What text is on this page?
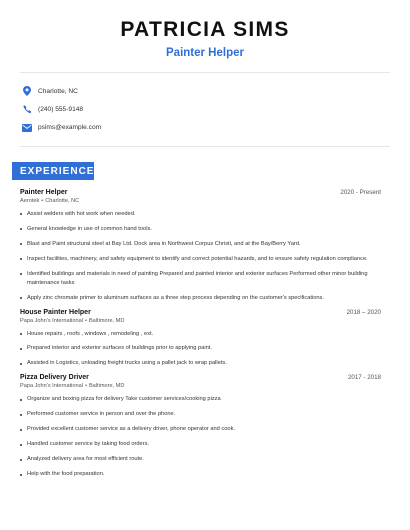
PATRICIA SIMS
Painter Helper
Charlotte, NC
(240) 555-9148
psims@example.com
EXPERIENCE
Painter Helper	2020 - Present
Aerotek • Charlotte, NC
Assist welders with hot work when needed.
General knowledge in use of common hand tools.
Blast and Paint structural steel at Bay Ltd. Dock area in Northwest Corpus Christi, and at the Bay/Berry Yard.
Inspect facilities, machinery, and safety equipment to identify and correct potential hazards, and to ensure safety regulation compliance.
Identified buildings and materials in need of painting Prepared and painted interior and exterior surfaces Performed other minor building maintenance tasks
Apply zinc chromate primer to aluminum surfaces as a three step process depending on the customer's specifications.
House Painter Helper	2018 – 2020
Papa John's International • Baltimore, MD
House repairs , roofs , windows , remodeling , ext.
Prepared interior and exterior surfaces of buildings prior to applying paint.
Assisted in Logistics, unloading freight trucks using a pallet jack to wrap pallets.
Pizza Delivery Driver	2017 - 2018
Papa John's International • Baltimore, MD
Organize and boxing pizza for delivery Take customer services/cooking pizza
Performed customer service in person and over the phone.
Provided excellent customer service as a delivery driver, phone operator and cook.
Handled customer service by taking food orders.
Analyzed delivery area for most efficient route.
Help with the food preparation.
